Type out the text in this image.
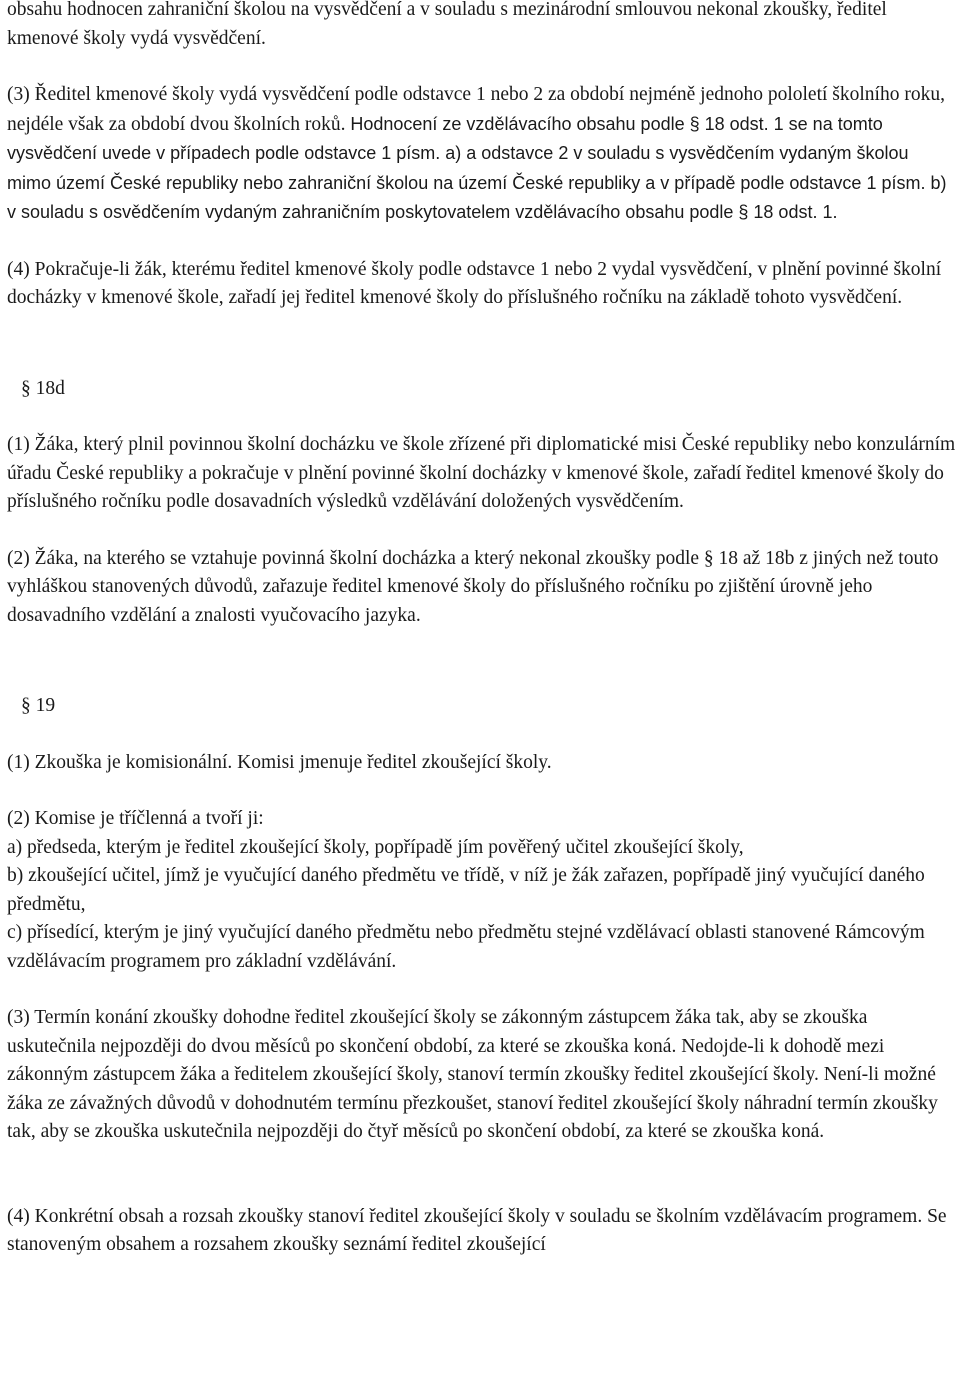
obsahu hodnocen zahraniční školou na vysvědčení a v souladu s mezinárodní smlouvou nekonal zkoušky, ředitel kmenové školy vydá vysvědčení.

(3) Ředitel kmenové školy vydá vysvědčení podle odstavce 1 nebo 2 za období nejméně jednoho pololetí školního roku, nejdéle však za období dvou školních roků. Hodnocení ze vzdělávacího obsahu podle § 18 odst. 1 se na tomto vysvědčení uvede v případech podle odstavce 1 písm. a) a odstavce 2 v souladu s vysvědčením vydaným školou mimo území České republiky nebo zahraniční školou na území České republiky a v případě podle odstavce 1 písm. b) v souladu s osvědčením vydaným zahraničním poskytovatelem vzdělávacího obsahu podle § 18 odst. 1.

(4) Pokračuje-li žák, kterému ředitel kmenové školy podle odstavce 1 nebo 2 vydal vysvědčení, v plnění povinné školní docházky v kmenové škole, zařadí jej ředitel kmenové školy do příslušného ročníku na základě tohoto vysvědčení.

§ 18d

(1) Žáka, který plnil povinnou školní docházku ve škole zřízené při diplomatické misi České republiky nebo konzulárním úřadu České republiky a pokračuje v plnění povinné školní docházky v kmenové škole, zařadí ředitel kmenové školy do příslušného ročníku podle dosavadních výsledků vzdělávání doložených vysvědčením.

(2) Žáka, na kterého se vztahuje povinná školní docházka a který nekonal zkoušky podle § 18 až 18b z jiných než touto vyhláškou stanovených důvodů, zařazuje ředitel kmenové školy do příslušného ročníku po zjištění úrovně jeho dosavadního vzdělání a znalosti vyučovacího jazyka.

§ 19

(1) Zkouška je komisionální. Komisi jmenuje ředitel zkoušející školy.

(2) Komise je tříčlenná a tvoří ji:

a) předseda, kterým je ředitel zkoušející školy, popřípadě jím pověřený učitel zkoušející školy,

b) zkoušející učitel, jímž je vyučující daného předmětu ve třídě, v níž je žák zařazen, popřípadě jiný vyučující daného předmětu,

c) přísedící, kterým je jiný vyučující daného předmětu nebo předmětu stejné vzdělávací oblasti stanovené Rámcovým vzdělávacím programem pro základní vzdělávání.

(3) Termín konání zkoušky dohodne ředitel zkoušející školy se zákonným zástupcem žáka tak, aby se zkouška uskutečnila nejpozději do dvou měsíců po skončení období, za které se zkouška koná. Nedojde-li k dohodě mezi zákonným zástupcem žáka a ředitelem zkoušející školy, stanoví termín zkoušky ředitel zkoušející školy. Není-li možné žáka ze závažných důvodů v dohodnutém termínu přezkoušet, stanoví ředitel zkoušející školy náhradní termín zkoušky tak, aby se zkouška uskutečnila nejpozději do čtyř měsíců po skončení období, za které se zkouška koná.

(4) Konkrétní obsah a rozsah zkoušky stanoví ředitel zkoušející školy v souladu se školním vzdělávacím programem. Se stanoveným obsahem a rozsahem zkoušky seznámí ředitel zkoušející
